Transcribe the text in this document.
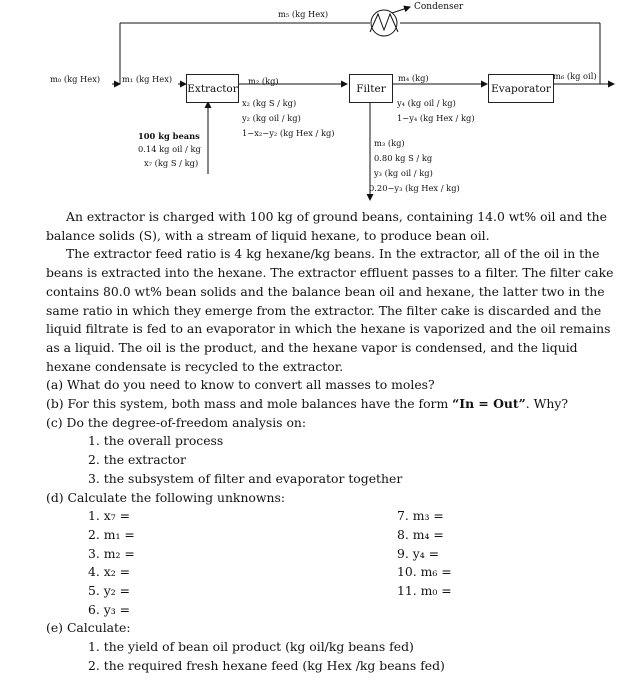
Extractor	Filter	Evaporator
Condenser
m₅ (kg Hex)
m₀ (kg Hex)	m₁ (kg Hex)	m₂ (kg)
x₂ (kg S / kg)
y₂ (kg oil / kg)
1−x₂−y₂ (kg Hex / kg)
100 kg beans
0.14 kg oil / kg
x₇ (kg S / kg)
m₄ (kg)
y₄ (kg oil / kg)
1−y₄ (kg Hex / kg)
m₃ (kg)
0.80 kg S / kg
y₃ (kg oil / kg)
0.20−y₃ (kg Hex / kg)
m₆ (kg oil)

An extractor is charged with 100 kg of ground beans, containing 14.0 wt% oil and the balance solids (S), with a stream of liquid hexane, to produce bean oil.

The extractor feed ratio is 4 kg hexane/kg beans. In the extractor, all of the oil in the beans is extracted into the hexane. The extractor effluent passes to a filter. The filter cake contains 80.0 wt% bean solids and the balance bean oil and hexane, the latter two in the same ratio in which they emerge from the extractor. The filter cake is discarded and the liquid filtrate is fed to an evaporator in which the hexane is vaporized and the oil remains as a liquid. The oil is the product, and the hexane vapor is condensed, and the liquid hexane condensate is recycled to the extractor.

(a) What do you need to know to convert all masses to moles?

(b) For this system, both mass and mole balances have the form “In = Out”. Why?

(c) Do the degree-of-freedom analysis on:

1. the overall process

2. the extractor

3. the subsystem of filter and evaporator together

(d) Calculate the following unknowns:

1. x₇ =	7. m₃ =
2. m₁ =	8. m₄ =
3. m₂ =	9. y₄ =
4. x₂ =	10. m₆ =
5. y₂ =	11. m₀ =
6. y₃ =

(e) Calculate:

1. the yield of bean oil product (kg oil/kg beans fed)

2. the required fresh hexane feed (kg Hex /kg beans fed)
